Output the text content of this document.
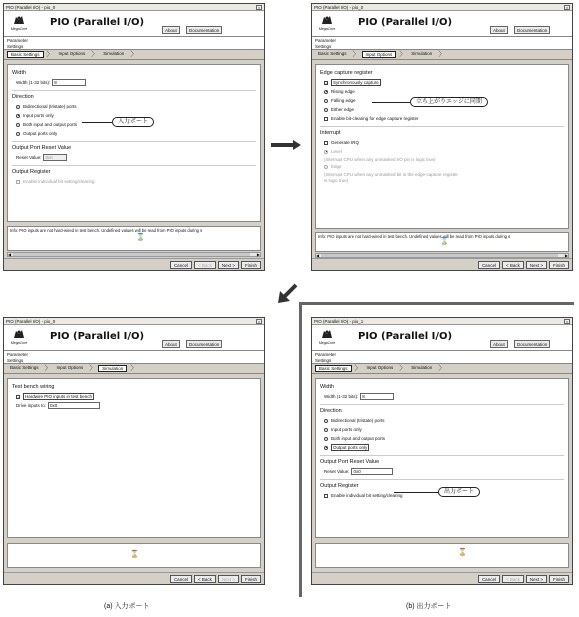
PIO (Parallel I/O) - pio_0	×
MegaCore
PIO (Parallel I/O)
About	Documentation
Parameter
Settings
Basic Settings	〉	Input Options 〉	Simulation 〉
Width
Width (1-32 bits): 8
Direction
Bidirectional (tristate) ports
Input ports only
Both input and output ports
Output ports only
Output Port Reset Value
Reset Value: 0x0
Output Register
Enable individual bit setting/clearing
Info: PIO inputs are not hard-wired in test bench. Undefined values will be read from PIO inputs during s
⌛
◀	▶
Cancel	< Back	Next >	Finish
入力ポート
PIO (Parallel I/O) - pio_0	×
MegaCore
PIO (Parallel I/O)
About	Documentation
Parameter
Settings
Basic Settings 〉	Input Options	〉	Simulation 〉
Edge capture register
✓	Synchronously capture
Rising edge
Falling edge
Either edge
Enable bit-clearing for edge capture register
Interrupt
Generate IRQ
Level
(Interrupt CPU when any unmasked I/O pin is logic true)
Edge
(Interrupt CPU when any unmasked bit in the edge-capture register
is logic true)
Info: PIO inputs are not hard-wired in test bench. Undefined values will be read from PIO inputs during s
⌛
◀	▶
Cancel	< Back	Next >	Finish
立ち上がりエッジに同期
PIO (Parallel I/O) - pio_0	×
MegaCore
PIO (Parallel I/O)
About	Documentation
Parameter
Settings
Basic Settings 〉	Input Options 〉	Simulation	〉
Test bench wiring
✓	Hardwire PIO inputs in test bench
Drive inputs to: 0x0
⌛
Cancel	< Back	Next >	Finish
PIO (Parallel I/O) - pio_1	×
MegaCore
PIO (Parallel I/O)
About	Documentation
Parameter
Settings
Basic Settings	〉	Input Options 〉	Simulation 〉
Width
Width (1-32 bits): 8
Direction
Bidirectional (tristate) ports
Input ports only
Both input and output ports
Output ports only
Output Port Reset Value
Reset Value: 0x0
Output Register
Enable individual bit setting/clearing
⌛
Cancel	< Back	Next >	Finish
出力ポート
(a) 入力ポート	(b) 出力ポート
